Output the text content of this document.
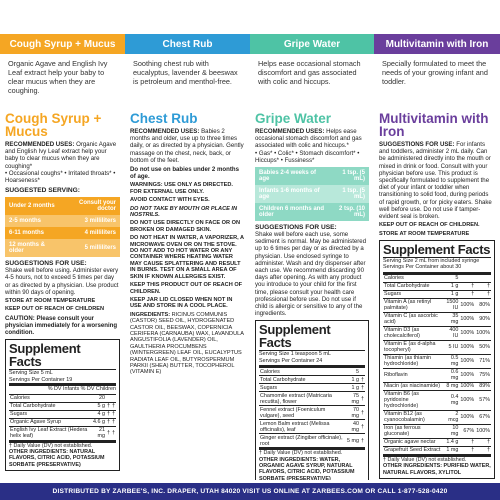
Cough Syrup + Mucus	Chest Rub	Gripe Water	Multivitamin with Iron
Organic Agave and English Ivy Leaf extract help your baby to clear mucus when they are coughing.
Soothing chest rub with eucalyptus, lavender & beeswax is petroleum and menthol-free.
Helps ease occasional stomach discomfort and gas associated with colic and hiccups.
Specially formulated to meet the needs of your growing infant and toddler.
Cough Syrup + Mucus
RECOMMENDED USES: Organic Agave and English Ivy Leaf extract help your baby to clear mucus when they are coughing*
• Occasional coughs* • Irritated throats* • Hoarseness*
SUGGESTED SERVING:
Under 2 months	Consult your doctor
2-5 months	3 milliliters
6-11 months	4 milliliters
12 months & older	5 milliliters
SUGGESTIONS FOR USE:
Shake well before using. Administer every 4-5 hours, not to exceed 5 times per day or as directed by a physician. Use product within 90 days of opening.
STORE AT ROOM TEMPERATURE
KEEP OUT OF REACH OF CHILDREN
CAUTION: Please consult your physician immediately for a worsening condition.
Supplement Facts
Serving Size 5 mL
Servings Per Container 19
% DV Infants % DV Children
Calories	20		
Total Carbohydrate	5 g	†	†
Sugars	4 g	†	†
Organic Agave Syrup	4.6 g	†	†
English Ivy Leaf Extract (Hedera helix leaf)	21 mg	†	†
† Daily Value (DV) not established.
OTHER INGREDIENTS: NATURAL FLAVORS, CITRIC ACID, POTASSIUM SORBATE (PRESERVATIVE)
Chest Rub
RECOMMENDED USES: Babies 2 months and older, use up to three times daily, or as directed by a physician. Gently massage on the chest, neck, back, or bottom of the feet.
Do not use on babies under 2 months of age.
WARNINGS: USE ONLY AS DIRECTED. FOR EXTERNAL USE ONLY.
AVOID CONTACT WITH EYES.
DO NOT TAKE BY MOUTH OR PLACE IN NOSTRILS.
DO NOT USE DIRECTLY ON FACE OR ON BROKEN OR DAMAGED SKIN.
DO NOT HEAT IN WATER, A VAPORIZER, A MICROWAVE OVEN OR ON THE STOVE. DO NOT ADD TO HOT WATER OR ANY CONTAINER WHERE HEATING WATER MAY CAUSE SPLATTERING AND RESULT IN BURNS. TEST ON A SMALL AREA OF SKIN IF KNOWN ALLERGIES EXIST.
KEEP THIS PRODUCT OUT OF REACH OF CHILDREN.
KEEP JAR LID CLOSED WHEN NOT IN USE AND STORE IN A COOL PLACE.
INGREDIENTS: RICINUS COMMUNIS (CASTOR) SEED OIL, HYDROGENATED CASTOR OIL, BEESWAX, COPERNICIA CERIFERA (CARNAUBA) WAX, LAVANDULA ANGUSTIFOLIA (LAVENDER) OIL, GAULTHERIA PROCUMBENS (WINTERGREEN) LEAF OIL, EUCALYPTUS RADIATA LEAF OIL, BUTYROSPERMUM PARKII (SHEA) BUTTER, TOCOPHEROL (VITAMIN E)
Gripe Water
RECOMMENDED USES: Helps ease occasional stomach discomfort and gas associated with colic and hiccups.*
• Gas* • Colic* • Stomach discomfort* • Hiccups* • Fussiness*
Babies 2-4 weeks of age	1 tsp. (5 mL)
Infants 1-6 months of age	1 tsp. (5 mL)
Children 6 months and older	2 tsp. (10 mL)
SUGGESTIONS FOR USE:
Shake well before each use, some sediment is normal. May be administered up to 6 times per day or as directed by a physician. Use enclosed syringe to administer. Wash and dry dispenser after each use. We recommend discarding 90 days after opening. As with any product you introduce to your child for the first time, please consult your health care professional before use. Do not use if child is allergic or sensitive to any of the ingredients.
Supplement Facts
Serving Size 1 teaspoon 5 mL
Servings Per Container 24
Calories	5	
Total Carbohydrate	1 g	†
Sugars	1 g	†
Chamomile extract (Matricaria recutita), flower	75 mg	†
Fennel extract (Foeniculum vulgare), seed	70 mg	†
Lemon Balm extract (Melissa officinalis), leaf	40 mg	†
Ginger extract (Zingiber officinale), root	5 mg	†
† Daily Value (DV) not established.
OTHER INGREDIENTS: WATER, ORGANIC AGAVE SYRUP, NATURAL FLAVORS, CITRIC ACID, POTASSIUM SORBATE (PRESERVATIVE)
Multivitamin with Iron
SUGGESTIONS FOR USE: For infants and toddlers, administer 2 mL daily. Can be administered directly into the mouth or mixed in drink or food. Consult with your physician before use. This product is specifically formulated to supplement the diet of your infant or toddler when transitioning to solid food, during periods of rapid growth, or for picky eaters. Shake well before use. Do not use if tamper-evident seal is broken.
KEEP OUT OF REACH OF CHILDREN.
STORE AT ROOM TEMPERATURE
Supplement Facts
Serving Size 2 mL from included syringe
Servings Per Container about 30
Calories	5		
Total Carbohydrate	1 g	†	†
Sugars	1 g	†	†
Vitamin A (as retinyl palmitate)	1500 IU	100%	80%
Vitamin C (as ascorbic acid)	35 mg	100%	90%
Vitamin D3 (as cholecalciferol)	400 IU	100%	100%
Vitamin E (as d-alpha tocopheryl)	5 IU	100%	50%
Thiamin (as thiamin hydrochloride)	0.5 mg	100%	71%
Riboflavin	0.6 mg	100%	75%
Niacin (as niacinamide)	8 mg	100%	89%
Vitamin B6 (as pyridoxine hydrochloride)	0.4 mg	100%	57%
Vitamin B12 (as cyanocobalamin)	2 mcg	100%	67%
Iron (as ferrous gluconate)	10 mg	67%	100%
Organic agave nectar	1.4 g	†	†
Grapefruit Seed Extract	1 mg	†	†
† Daily Value (DV) not established.
OTHER INGREDIENTS: PURIFIED WATER, NATURAL FLAVORS, XYLITOL
DISTRIBUTED BY ZARBEE'S, INC. DRAPER, UTAH 84020 VISIT US ONLINE AT ZARBEES.COM OR CALL 1-877-528-0420
